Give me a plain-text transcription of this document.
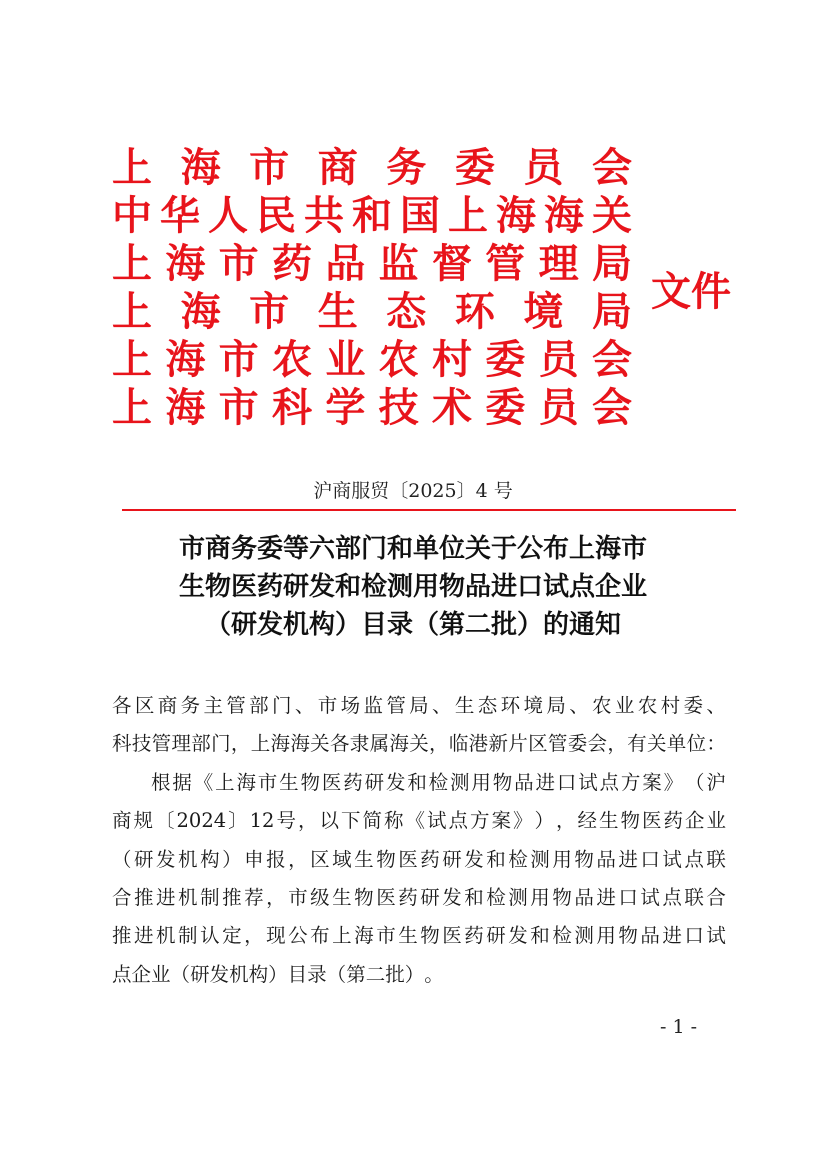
上 海 市 商 务 委 员 会
中 华 人 民 共 和 国 上 海 海 关
上 海 市 药 品 监 督 管 理 局
上 海 市 生 态 环 境 局
上 海 市 农 业 农 村 委 员 会
上 海 市 科 学 技 术 委 员 会
文件
沪商服贸〔2025〕4 号
市商务委等六部门和单位关于公布上海市
生物医药研发和检测用物品进口试点企业
（研发机构）目录（第二批）的通知
各 区 商 务 主 管 部 门 、 市 场 监 管 局 、 生 态 环 境 局 、 农 业 农 村 委 、
科 技 管 理 部 门 ， 上 海 海 关 各 隶 属 海 关 ， 临 港 新 片 区 管 委 会 ， 有 关 单 位 ：
根 据 《 上 海 市 生 物 医 药 研 发 和 检 测 用 物 品 进 口 试 点 方 案 》 （ 沪
商 规 〔 2024 〕 12 号 ， 以 下 简 称 《 试 点 方 案 》 ） ， 经 生 物 医 药 企 业
（ 研 发 机 构 ） 申 报 ， 区 域 生 物 医 药 研 发 和 检 测 用 物 品 进 口 试 点 联
合 推 进 机 制 推 荐 ， 市 级 生 物 医 药 研 发 和 检 测 用 物 品 进 口 试 点 联 合
推 进 机 制 认 定 ， 现 公 布 上 海 市 生 物 医 药 研 发 和 检 测 用 物 品 进 口 试
点 企 业 （ 研 发 机 构 ） 目 录 （ 第 二 批 ） 。
- 1 -
